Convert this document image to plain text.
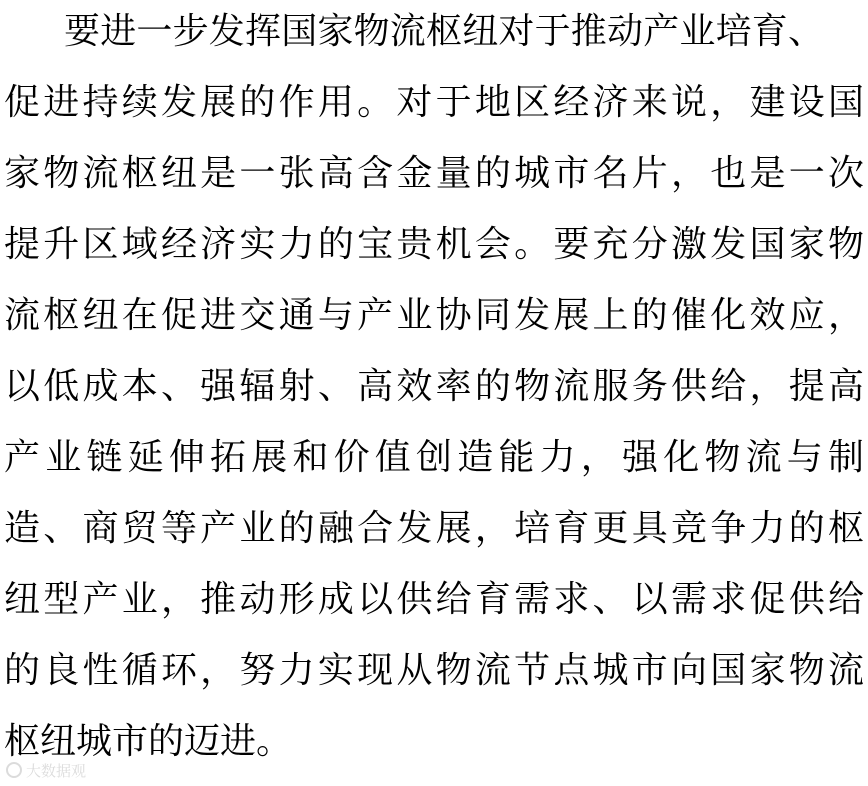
要进一步发挥国家物流枢纽对于推动产业培育、
促进持续发展的作用。对于地区经济来说，建设国
家物流枢纽是一张高含金量的城市名片，也是一次
提升区域经济实力的宝贵机会。要充分激发国家物
流枢纽在促进交通与产业协同发展上的催化效应，
以低成本、强辐射、高效率的物流服务供给，提高
产业链延伸拓展和价值创造能力，强化物流与制
造、商贸等产业的融合发展，培育更具竞争力的枢
纽型产业，推动形成以供给育需求、以需求促供给
的良性循环，努力实现从物流节点城市向国家物流
枢纽城市的迈进。
大数据观
